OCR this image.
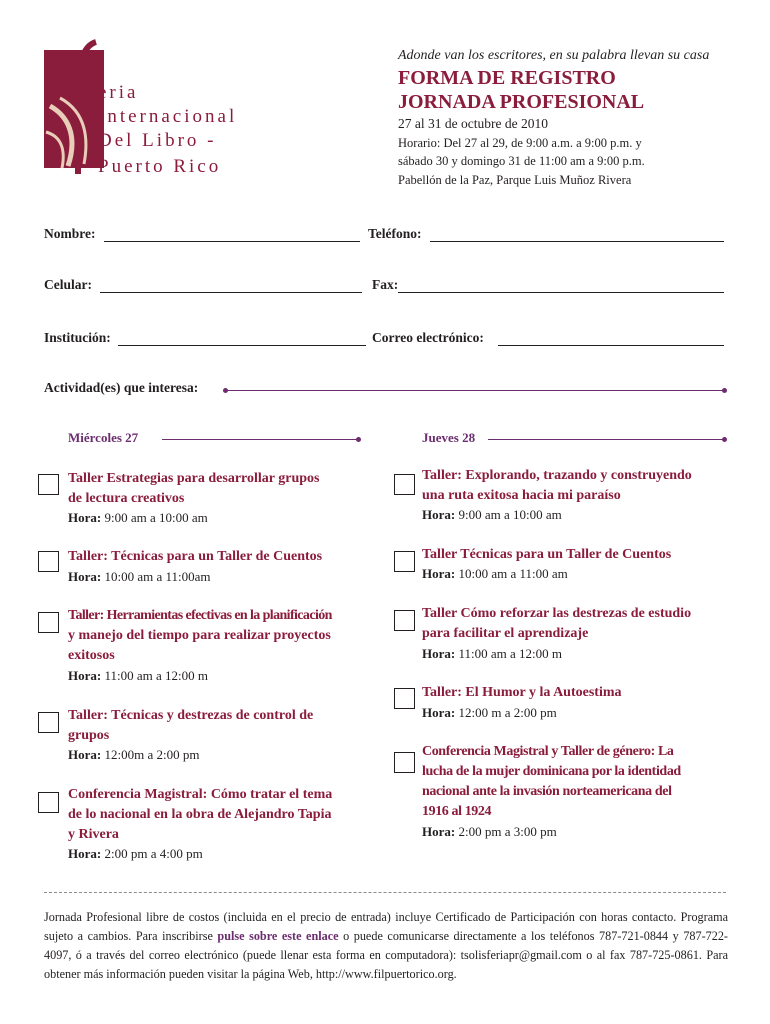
eria
Internacional
Del Libro -
Puerto Rico
Adonde van los escritores, en su palabra llevan su casa
FORMA DE REGISTRO
JORNADA PROFESIONAL
27 al 31 de octubre de 2010
Horario: Del 27 al 29, de 9:00 a.m. a 9:00 p.m. y
sábado 30 y domingo 31 de 11:00 am a 9:00 p.m.
Pabellón de la Paz, Parque Luis Muñoz Rivera
Nombre:	Teléfono:
Celular:	Fax:
Institución:	Correo electrónico:
Actividad(es) que interesa:
Miércoles 27	Jueves 28
Taller Estrategias para desarrollar grupos
de lectura creativos
Hora: 9:00 am a 10:00 am
Taller: Técnicas para un Taller de Cuentos
Hora: 10:00 am a 11:00am
Taller: Herramientas efectivas en la planificación
y manejo del tiempo para realizar proyectos
exitosos
Hora: 11:00 am a 12:00 m
Taller: Técnicas y destrezas de control de
grupos
Hora: 12:00m a 2:00 pm
Conferencia Magistral: Cómo tratar el tema
de lo nacional en la obra de Alejandro Tapia
y Rivera
Hora: 2:00 pm a 4:00 pm
Taller: Explorando, trazando y construyendo
una ruta exitosa hacia mi paraíso
Hora: 9:00 am a 10:00 am
Taller Técnicas para un Taller de Cuentos
Hora: 10:00 am a 11:00 am
Taller Cómo reforzar las destrezas de estudio
para facilitar el aprendizaje
Hora: 11:00 am a 12:00 m
Taller: El Humor y la Autoestima
Hora: 12:00 m a 2:00 pm
Conferencia Magistral y Taller de género: La
lucha de la mujer dominicana por la identidad
nacional ante la invasión norteamericana del
1916 al 1924
Hora: 2:00 pm a 3:00 pm
Jornada Profesional libre de costos (incluida en el precio de entrada) incluye Certificado de Participación con horas contacto. Programa sujeto a cambios. Para inscribirse pulse sobre este enlace o puede comunicarse directamente a los teléfonos 787-721-0844 y 787-722-4097, ó a través del correo electrónico (puede llenar esta forma en computadora): tsolisferiapr@gmail.com o al fax 787-725-0861. Para obtener más información pueden visitar la página Web, http://www.filpuertorico.org.
